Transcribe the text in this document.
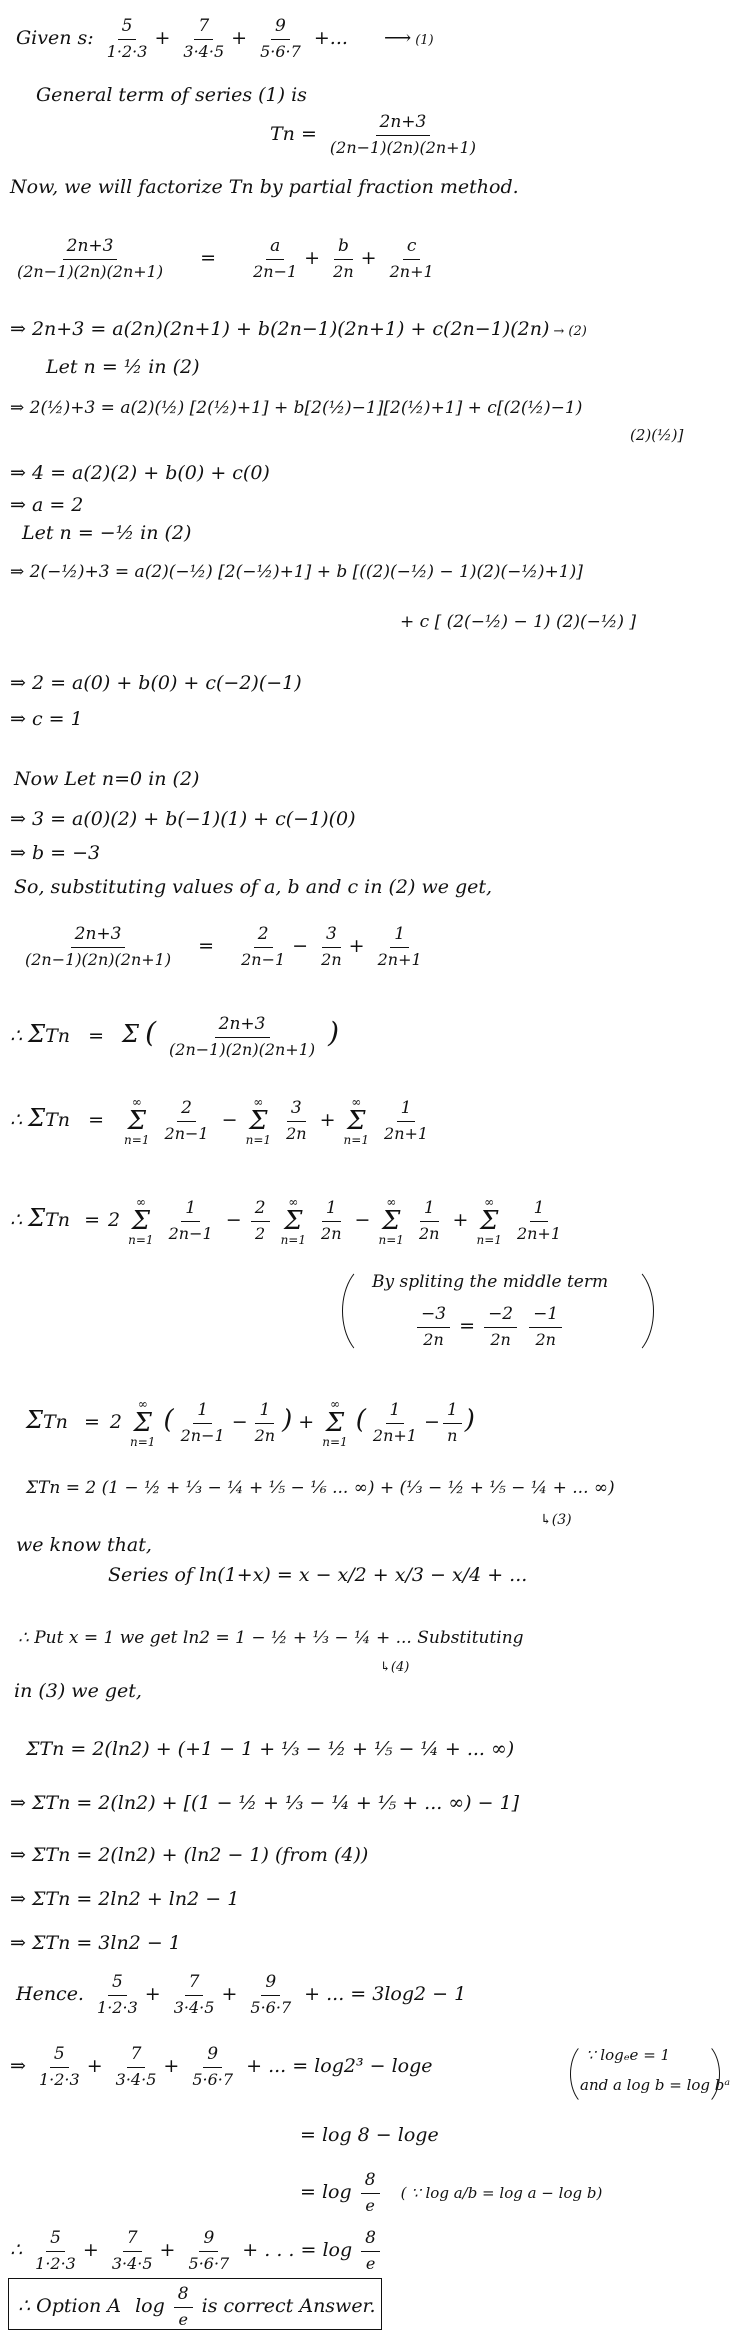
Given s: $\frac{5}{1\cdot 2\cdot 3} + \frac{7}{3\cdot 4\cdot 5} + \frac{9}{5\cdot 6\cdot 7}$ +... ⟶ (1)
General term of series (1) is
$Tn = \frac{2n+3}{(2n-1)(2n)(2n+1)}$
Now, we will factorize Tn by partial fraction method.
$\frac{2n+3}{(2n-1)(2n)(2n+1)} = \frac{a}{2n-1} + \frac{b}{2n} + \frac{c}{2n+1}$
⇒ 2n+3 = a(2n)(2n+1) + b(2n−1)(2n+1) + c(2n−1)(2n) → (2)
Let n = ½ in (2)
⇒ 2(½)+3 = a(2)(½) [2(½)+1] + b[2(½)−1][2(½)+1] + c[(2(½)−1)
(2)(½)]
⇒ 4 = a(2)(2) + b(0) + c(0)
⇒ a = 2
Let n = −½ in (2)
⇒ 2(−½)+3 = a(2)(−½) [2(−½)+1] + b [((2)(−½) − 1)(2)(−½)+1)]
+ c [ (2(−½) − 1) (2)(−½) ]
⇒ 2 = a(0) + b(0) + c(−2)(−1)
⇒ c = 1
Now Let n=0 in (2)
⇒ 3 = a(0)(2) + b(−1)(1) + c(−1)(0)
⇒ b = −3
So, substituting values of a, b and c in (2) we get,
$\frac{2n+3}{(2n-1)(2n)(2n+1)} = \frac{2}{2n-1} - \frac{3}{2n} + \frac{1}{2n+1}$
∴ ΣTn = Σ ( $\frac{2n+3}{(2n-1)(2n)(2n+1)}$ )
∴ ΣTn =
∞
Σ
n=1
$\frac{2}{2n-1}$ −
∞
Σ
n=1
$\frac{3}{2n}$ +
∞
Σ
n=1
$\frac{1}{2n+1}$
∴ ΣTn = 2
∞
Σ
n=1
$\frac{1}{2n-1} - \frac{2}{2}$
∞
Σ
n=1
$\frac{1}{2n}$ −
∞
Σ
n=1
$\frac{1}{2n}$ +
∞
Σ
n=1
$\frac{1}{2n+1}$
By spliting the middle term
$\frac{-3}{2n} = \frac{-2}{2n}$
$\frac{-1}{2n}$
ΣTn = 2
∞
Σ
n=1
( $\frac{1}{2n-1} - \frac{1}{2n}$ ) +
∞
Σ
n=1
( $\frac{1}{2n+1} - \frac{1}{n}$ )
ΣTn = 2 (1 − ½ + ⅓ − ¼ + ⅕ − ⅙ ... ∞) + (⅓ − ½ + ⅕ − ¼ + ... ∞)
↳(3)
we know that,
Series of ln(1+x) = x − x/2 + x/3 − x/4 + ...
∴ Put x = 1 we get ln2 = 1 − ½ + ⅓ − ¼ + ... Substituting
↳(4)
in (3) we get,
ΣTn = 2(ln2) + (+1 − 1 + ⅓ − ½ + ⅕ − ¼ + ... ∞)
⇒ ΣTn = 2(ln2) + [(1 − ½ + ⅓ − ¼ + ⅕ + ... ∞) − 1]
⇒ ΣTn = 2(ln2) + (ln2 − 1) (from (4))
⇒ ΣTn = 2ln2 + ln2 − 1
⇒ ΣTn = 3ln2 − 1
Hence. $\frac{5}{1\cdot 2\cdot 3} + \frac{7}{3\cdot 4\cdot 5} + \frac{9}{5\cdot 6\cdot 7}$ + ... = 3log2 − 1
⇒ $\frac{5}{1\cdot 2\cdot 3} + \frac{7}{3\cdot 4\cdot 5} + \frac{9}{5\cdot 6\cdot 7}$ + ... = log2³ − loge
∵ logₑe = 1
and a log b = log bᵃ
= log 8 − loge
= $\log \frac{8}{e}$ ( ∵ log a/b = log a − log b)
∴ $\frac{5}{1\cdot 2\cdot 3} + \frac{7}{3\cdot 4\cdot 5} + \frac{9}{5\cdot 6\cdot 7}$ + . . . = $\log \frac{8}{e}$
∴ Option A $\log \frac{8}{e}$ is correct Answer.
